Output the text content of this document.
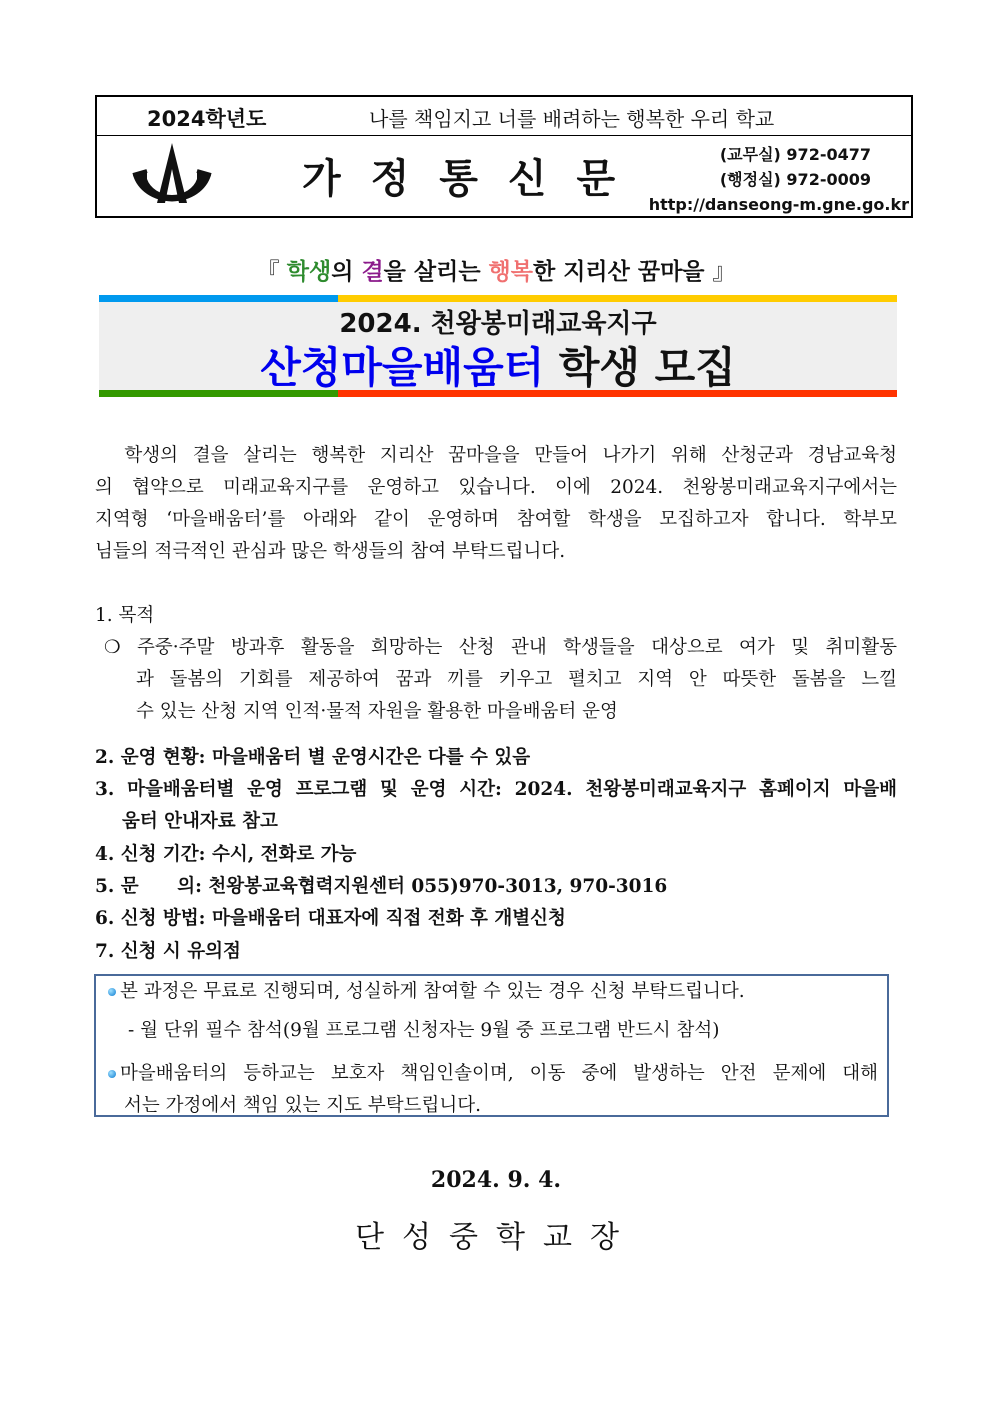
2024학년도	나를 책임지고 너를 배려하는 행복한 우리 학교
가정통신문
(교무실) 972-0477
(행정실) 972-0009
http://danseong-m.gne.go.kr
『 학생의 결을 살리는 행복한 지리산 꿈마을 』
2024. 천왕봉미래교육지구
산청마을배움터 학생 모집
학생의 결을 살리는 행복한 지리산 꿈마을을 만들어 나가기 위해 산청군과 경남교육청
의 협약으로 미래교육지구를 운영하고 있습니다. 이에 2024. 천왕봉미래교육지구에서는
지역형 ‘마을배움터’를 아래와 같이 운영하며 참여할 학생을 모집하고자 합니다. 학부모
님들의 적극적인 관심과 많은 학생들의 참여 부탁드립니다.
1. 목적
❍ 주중·주말 방과후 활동을 희망하는 산청 관내 학생들을 대상으로 여가 및 취미활동
과 돌봄의 기회를 제공하여 꿈과 끼를 키우고 펼치고 지역 안 따뜻한 돌봄을 느낄
수 있는 산청 지역 인적·물적 자원을 활용한 마을배움터 운영
2. 운영 현황: 마을배움터 별 운영시간은 다를 수 있음
3. 마을배움터별 운영 프로그램 및 운영 시간: 2024. 천왕봉미래교육지구 홈페이지 마을배
움터 안내자료 참고
4. 신청 기간: 수시, 전화로 가능
5. 문      의: 천왕봉교육협력지원센터 055)970-3013, 970-3016
6. 신청 방법: 마을배움터 대표자에 직접 전화 후 개별신청
7. 신청 시 유의점
본 과정은 무료로 진행되며, 성실하게 참여할 수 있는 경우 신청 부탁드립니다.
- 월 단위 필수 참석(9월 프로그램 신청자는 9월 중 프로그램 반드시 참석)
마을배움터의 등하교는 보호자 책임인솔이며, 이동 중에 발생하는 안전 문제에 대해
서는 가정에서 책임 있는 지도 부탁드립니다.
2024. 9. 4.
단성중학교장
